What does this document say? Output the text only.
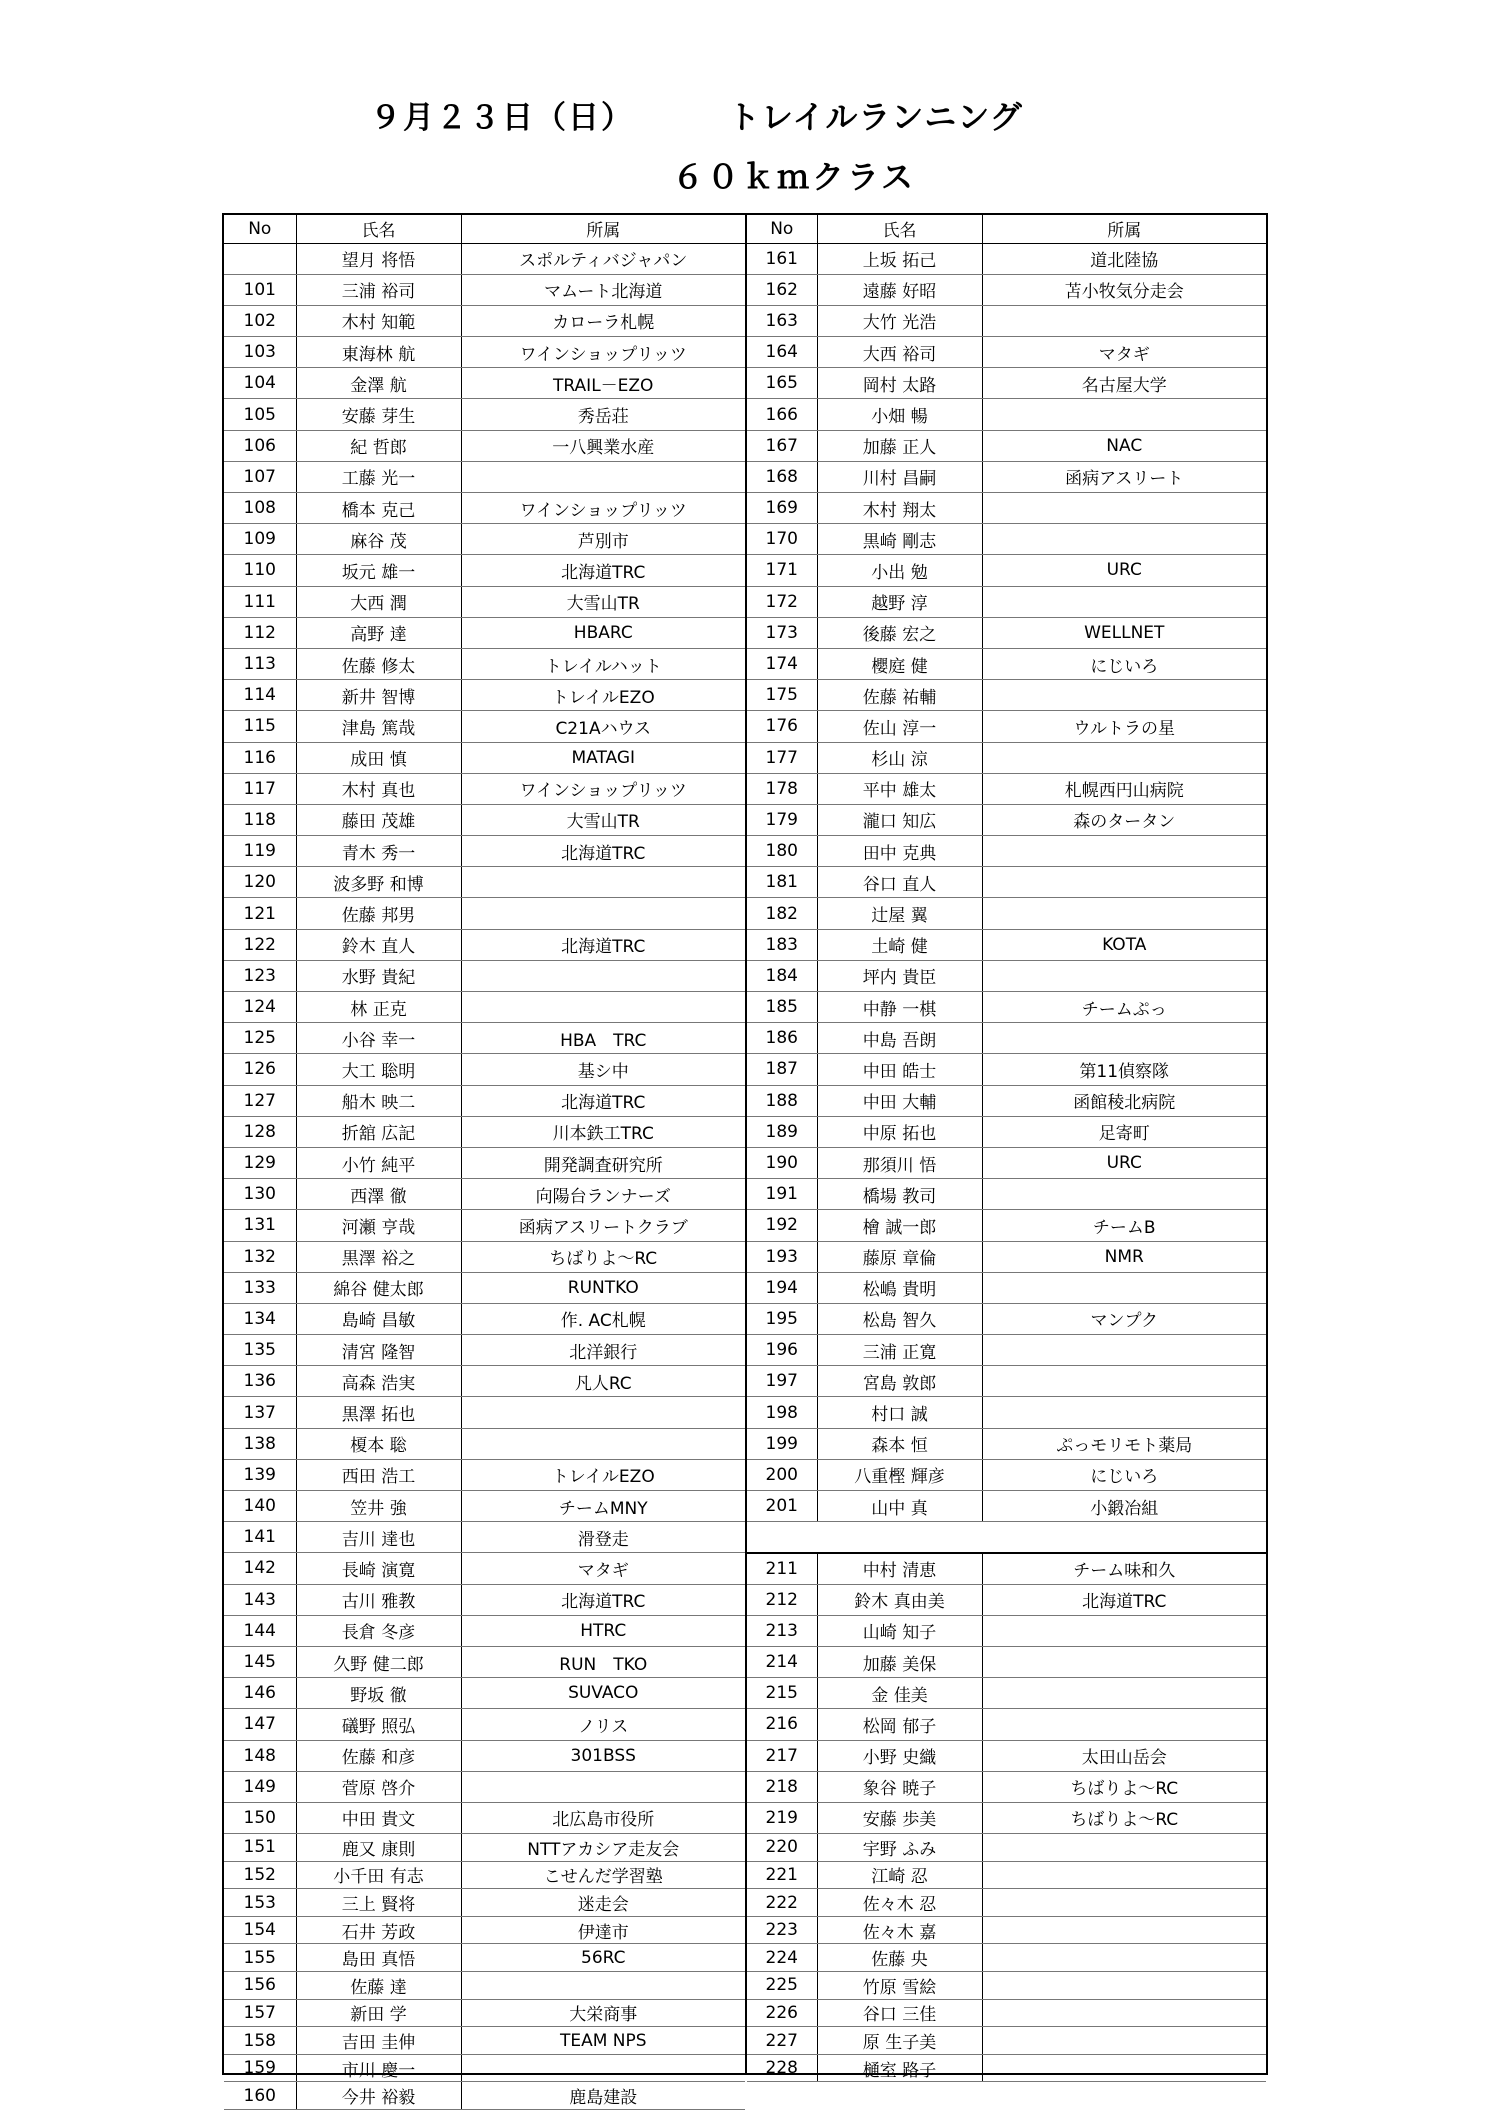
９月２３日（日）	トレイルランニング
６０ｋｍクラス
No	氏名	所属
	望月 将悟	スポルティバジャパン
101	三浦 裕司	マムート北海道
102	木村 知範	カローラ札幌
103	東海林 航	ワインショップリッツ
104	金澤 航	TRAIL－EZO
105	安藤 芽生	秀岳荘
106	紀 哲郎	一八興業水産
107	工藤 光一	
108	橋本 克己	ワインショップリッツ
109	麻谷 茂	芦別市
110	坂元 雄一	北海道TRC
111	大西 潤	大雪山TR
112	高野 達	HBARC
113	佐藤 修太	トレイルハット
114	新井 智博	トレイルEZO
115	津島 篤哉	C21Aハウス
116	成田 慎	MATAGI
117	木村 真也	ワインショップリッツ
118	藤田 茂雄	大雪山TR
119	青木 秀一	北海道TRC
120	波多野 和博	
121	佐藤 邦男	
122	鈴木 直人	北海道TRC
123	水野 貴紀	
124	林 正克	
125	小谷 幸一	HBA　TRC
126	大工 聡明	基シ中
127	船木 映二	北海道TRC
128	折舘 広記	川本鉄工TRC
129	小竹 純平	開発調査研究所
130	西澤 徹	向陽台ランナーズ
131	河瀬 亨哉	函病アスリートクラブ
132	黒澤 裕之	ちばりよ～RC
133	綿谷 健太郎	RUNTKO
134	島崎 昌敏	作. AC札幌
135	清宮 隆智	北洋銀行
136	高森 浩実	凡人RC
137	黒澤 拓也	
138	榎本 聡	
139	西田 浩工	トレイルEZO
140	笠井 強	チームMNY
141	吉川 達也	滑登走
142	長崎 演寛	マタギ
143	古川 雅教	北海道TRC
144	長倉 冬彦	HTRC
145	久野 健二郎	RUN　TKO
146	野坂 徹	SUVACO
147	礒野 照弘	ノリス
148	佐藤 和彦	301BSS
149	菅原 啓介	
150	中田 貴文	北広島市役所
151	鹿又 康則	NTTアカシア走友会
152	小千田 有志	こせんだ学習塾
153	三上 賢将	迷走会
154	石井 芳政	伊達市
155	島田 真悟	56RC
156	佐藤 達	
157	新田 学	大栄商事
158	吉田 圭伸	TEAM NPS
159	市川 慶一	
160	今井 裕毅	鹿島建設
No	氏名	所属
161	上坂 拓己	道北陸協
162	遠藤 好昭	苫小牧気分走会
163	大竹 光浩	
164	大西 裕司	マタギ
165	岡村 太路	名古屋大学
166	小畑 暢	
167	加藤 正人	NAC
168	川村 昌嗣	函病アスリート
169	木村 翔太	
170	黒崎 剛志	
171	小出 勉	URC
172	越野 淳	
173	後藤 宏之	WELLNET
174	櫻庭 健	にじいろ
175	佐藤 祐輔	
176	佐山 淳一	ウルトラの星
177	杉山 涼	
178	平中 雄太	札幌西円山病院
179	瀧口 知広	森のタータン
180	田中 克典	
181	谷口 直人	
182	辻屋 翼	
183	土崎 健	KOTA
184	坪内 貴臣	
185	中静 一棋	チームぷっ
186	中島 吾朗	
187	中田 皓士	第11偵察隊
188	中田 大輔	函館稜北病院
189	中原 拓也	足寄町
190	那須川 悟	URC
191	橋場 教司	
192	檜 誠一郎	チームB
193	藤原 章倫	NMR
194	松嶋 貴明	
195	松島 智久	マンプク
196	三浦 正寛	
197	宮島 敦郎	
198	村口 誠	
199	森本 恒	ぷっモリモト薬局
200	八重樫 輝彦	にじいろ
201	山中 真	小鍛冶組

211	中村 清恵	チーム味和久
212	鈴木 真由美	北海道TRC
213	山崎 知子	
214	加藤 美保	
215	金 佳美	
216	松岡 郁子	
217	小野 史織	太田山岳会
218	象谷 暁子	ちばりよ～RC
219	安藤 歩美	ちばりよ～RC
220	宇野 ふみ	
221	江崎 忍	
222	佐々木 忍	
223	佐々木 嘉	
224	佐藤 央	
225	竹原 雪絵	
226	谷口 三佳	
227	原 生子美	
228	樋室 路子	
